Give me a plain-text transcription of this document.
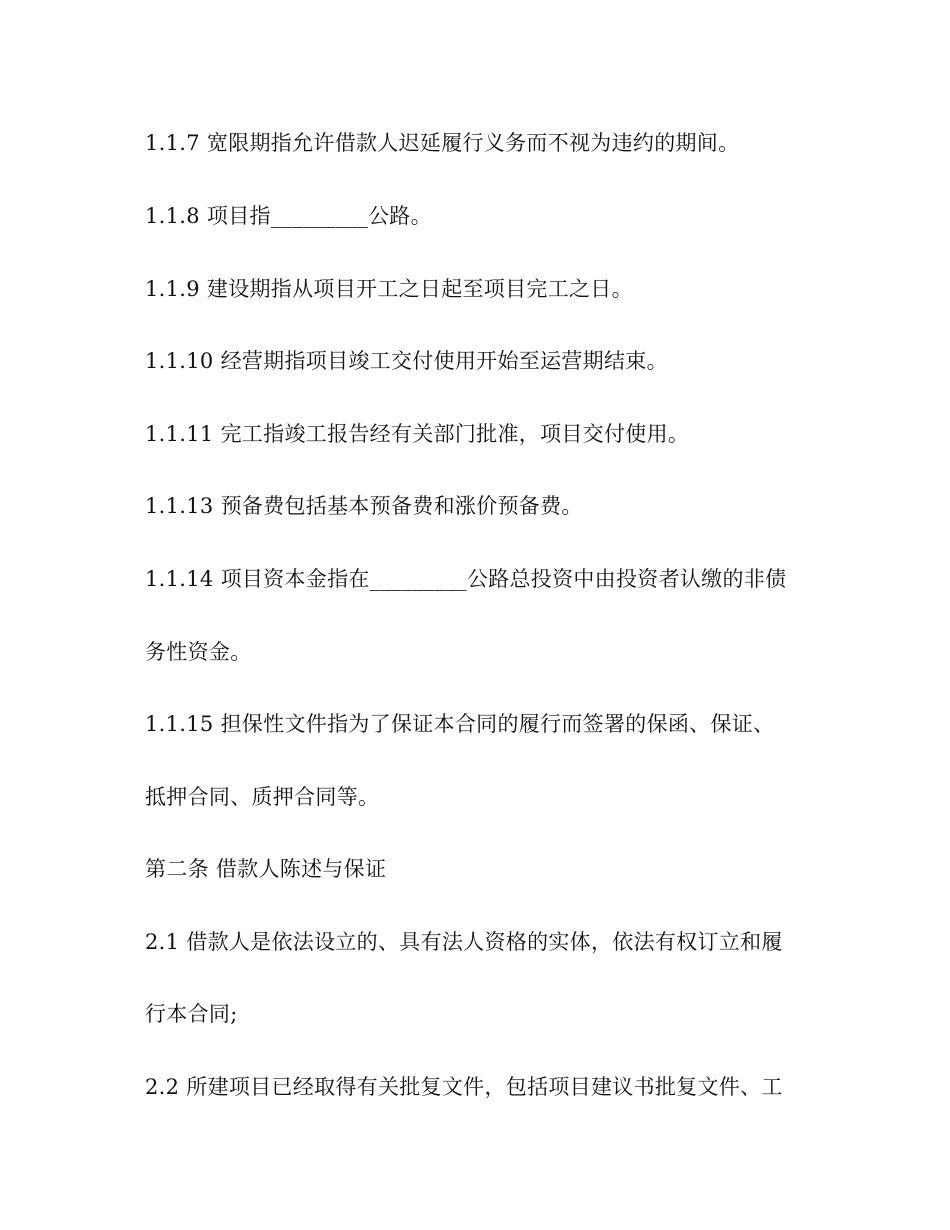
1.1.7 宽限期指允许借款人迟延履行义务而不视为违约的期间。
1.1.8 项目指_________公路。
1.1.9 建设期指从项目开工之日起至项目完工之日。
1.1.10 经营期指项目竣工交付使用开始至运营期结束。
1.1.11 完工指竣工报告经有关部门批准，项目交付使用。
1.1.13 预备费包括基本预备费和涨价预备费。
1.1.14 项目资本金指在_________公路总投资中由投资者认缴的非债
务性资金。
1.1.15 担保性文件指为了保证本合同的履行而签署的保函、保证、
抵押合同、质押合同等。
第二条 借款人陈述与保证
2.1 借款人是依法设立的、具有法人资格的实体，依法有权订立和履
行本合同;
2.2 所建项目已经取得有关批复文件，包括项目建议书批复文件、工
